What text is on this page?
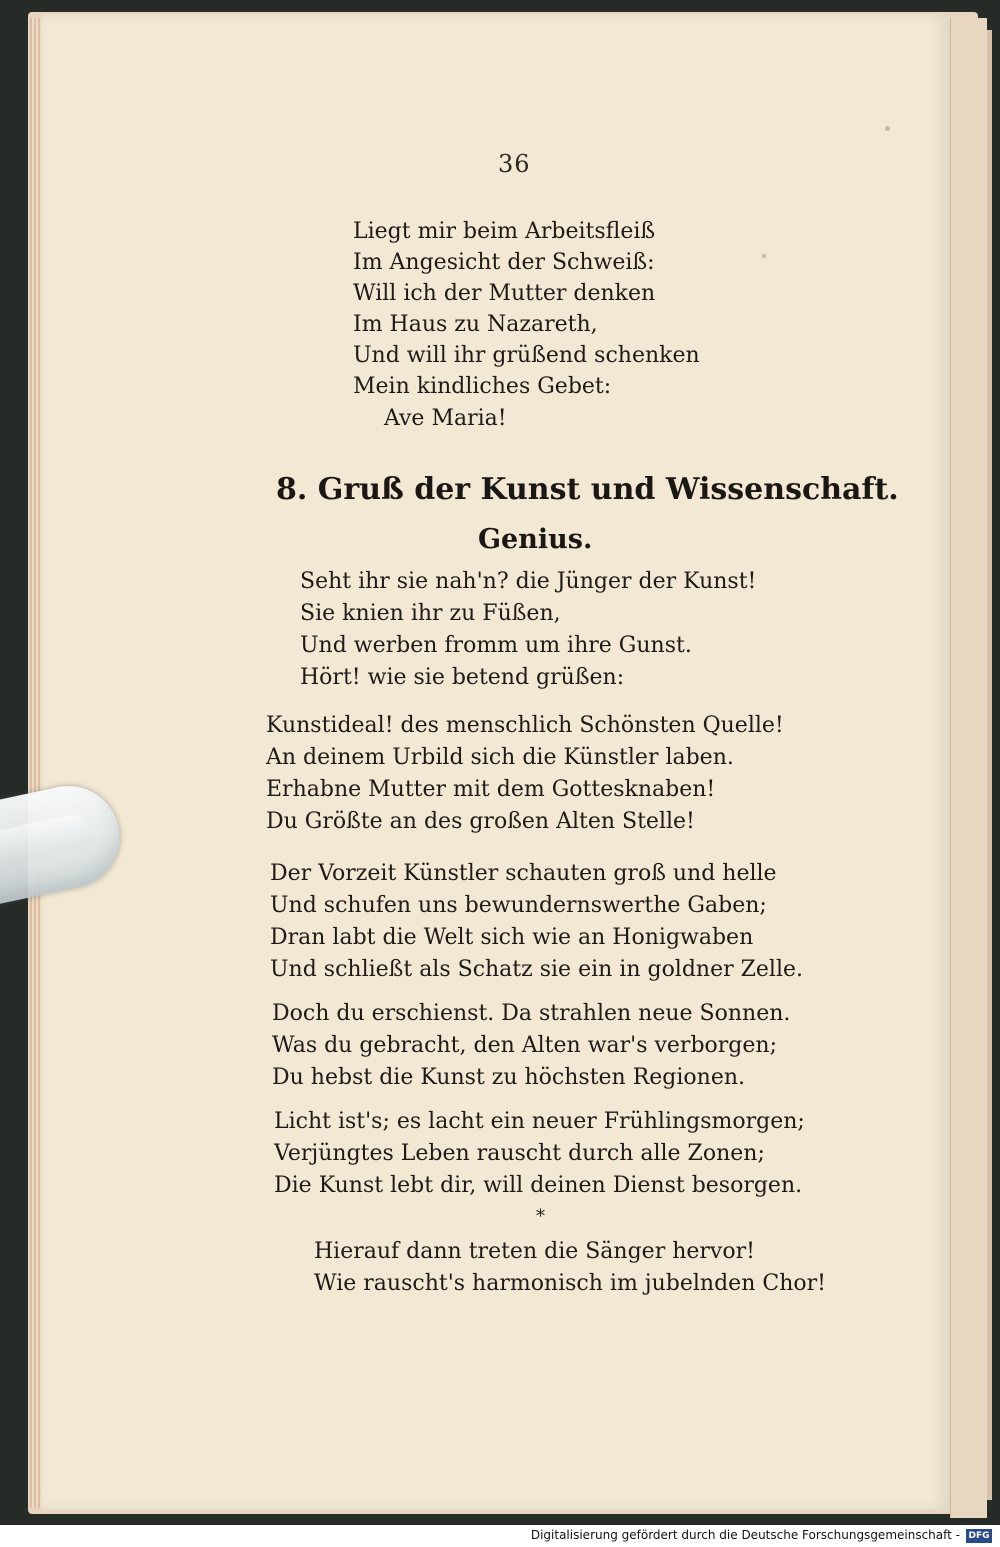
36
Liegt mir beim Arbeitsfleiß
Im Angesicht der Schweiß:
Will ich der Mutter denken
Im Haus zu Nazareth,
Und will ihr grüßend schenken
Mein kindliches Gebet:
Ave Maria!
8. Gruß der Kunst und Wissenschaft.
Genius.
Seht ihr sie nah'n? die Jünger der Kunst!
Sie knien ihr zu Füßen,
Und werben fromm um ihre Gunst.
Hört! wie sie betend grüßen:
Kunstideal! des menschlich Schönsten Quelle!
An deinem Urbild sich die Künstler laben.
Erhabne Mutter mit dem Gottesknaben!
Du Größte an des großen Alten Stelle!
Der Vorzeit Künstler schauten groß und helle
Und schufen uns bewundernswerthe Gaben;
Dran labt die Welt sich wie an Honigwaben
Und schließt als Schatz sie ein in goldner Zelle.
Doch du erschienst. Da strahlen neue Sonnen.
Was du gebracht, den Alten war's verborgen;
Du hebst die Kunst zu höchsten Regionen.
Licht ist's; es lacht ein neuer Frühlingsmorgen;
Verjüngtes Leben rauscht durch alle Zonen;
Die Kunst lebt dir, will deinen Dienst besorgen.
*
Hierauf dann treten die Sänger hervor!
Wie rauscht's harmonisch im jubelnden Chor!
Digitalisierung gefördert durch die Deutsche Forschungsgemeinschaft - DFG
